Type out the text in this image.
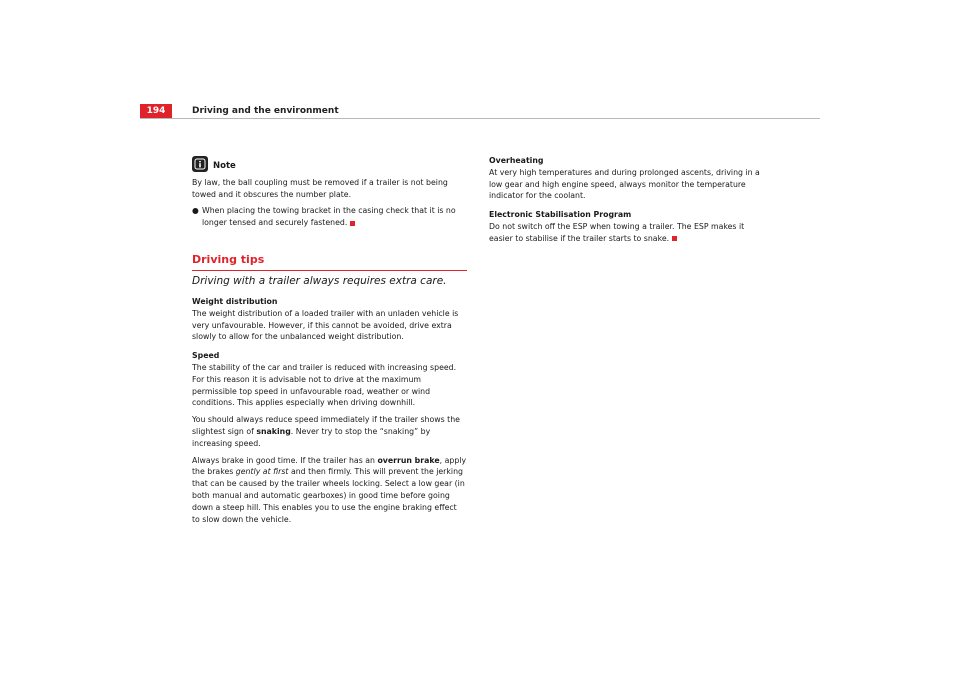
194	Driving and the environment
Note

By law, the ball coupling must be removed if a trailer is not being towed and it obscures the number plate.

● When placing the towing bracket in the casing check that it is no longer tensed and securely fastened.

Driving tips
Driving with a trailer always requires extra care.

Weight distribution

The weight distribution of a loaded trailer with an unladen vehicle is very unfavourable. However, if this cannot be avoided, drive extra slowly to allow for the unbalanced weight distribution.

Speed

The stability of the car and trailer is reduced with increasing speed. For this reason it is advisable not to drive at the maximum permissible top speed in unfavourable road, weather or wind conditions. This applies especially when driving downhill.

You should always reduce speed immediately if the trailer shows the slightest sign of snaking. Never try to stop the “snaking” by increasing speed.

Always brake in good time. If the trailer has an overrun brake, apply the brakes gently at first and then firmly. This will prevent the jerking that can be caused by the trailer wheels locking. Select a low gear (in both manual and automatic gearboxes) in good time before going down a steep hill. This enables you to use the engine braking effect to slow down the vehicle.

Overheating

At very high temperatures and during prolonged ascents, driving in a low gear and high engine speed, always monitor the temperature indicator for the coolant.

Electronic Stabilisation Program

Do not switch off the ESP when towing a trailer. The ESP makes it easier to stabilise if the trailer starts to snake.
